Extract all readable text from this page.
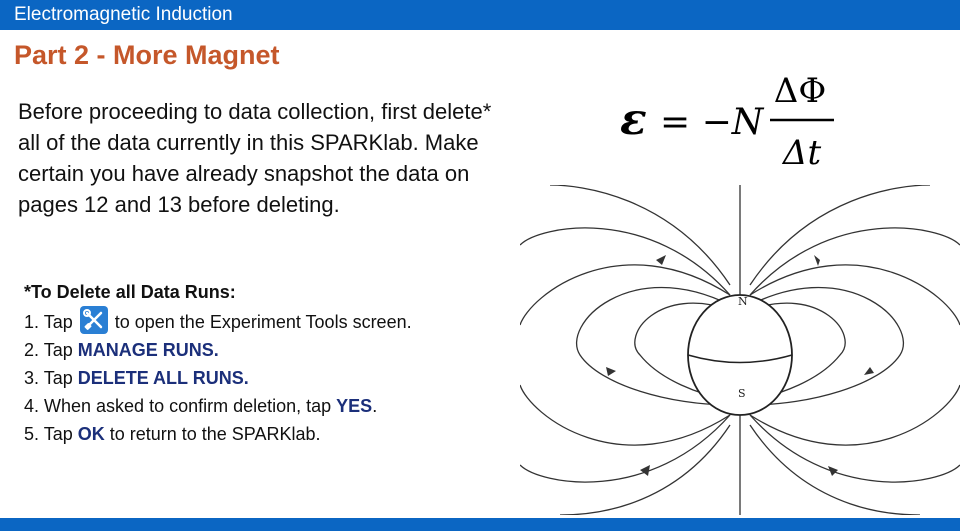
Electromagnetic Induction
Part 2 - More Magnet
Before proceeding to data collection, first delete* all of the data currently in this SPARKlab. Make certain you have already snapshot the data on pages 12 and 13 before deleting.
*To Delete all Data Runs:
1. Tap to open the Experiment Tools screen.
2. Tap MANAGE RUNS.
3. Tap DELETE ALL RUNS.
4. When asked to confirm deletion, tap YES.
5. Tap OK to return to the SPARKlab.
ε = −N
ΔΦ
Δt
N
S
